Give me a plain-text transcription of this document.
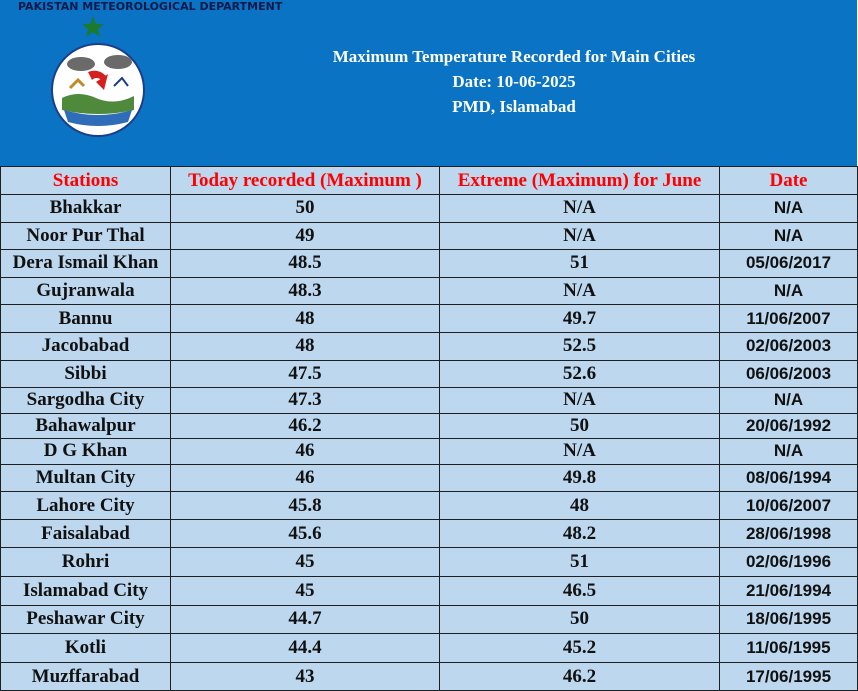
PAKISTAN METEOROLOGICAL DEPARTMENT
Maximum Temperature Recorded for Main Cities
Date: 10-06-2025
PMD, Islamabad
Stations	Today recorded (Maximum )	Extreme (Maximum) for June	Date
Bhakkar	50	N/A	N/A
Noor Pur Thal	49	N/A	N/A
Dera Ismail Khan	48.5	51	05/06/2017
Gujranwala	48.3	N/A	N/A
Bannu	48	49.7	11/06/2007
Jacobabad	48	52.5	02/06/2003
Sibbi	47.5	52.6	06/06/2003
Sargodha City	47.3	N/A	N/A
Bahawalpur	46.2	50	20/06/1992
D G Khan	46	N/A	N/A
Multan City	46	49.8	08/06/1994
Lahore City	45.8	48	10/06/2007
Faisalabad	45.6	48.2	28/06/1998
Rohri	45	51	02/06/1996
Islamabad City	45	46.5	21/06/1994
Peshawar City	44.7	50	18/06/1995
Kotli	44.4	45.2	11/06/1995
Muzffarabad	43	46.2	17/06/1995
